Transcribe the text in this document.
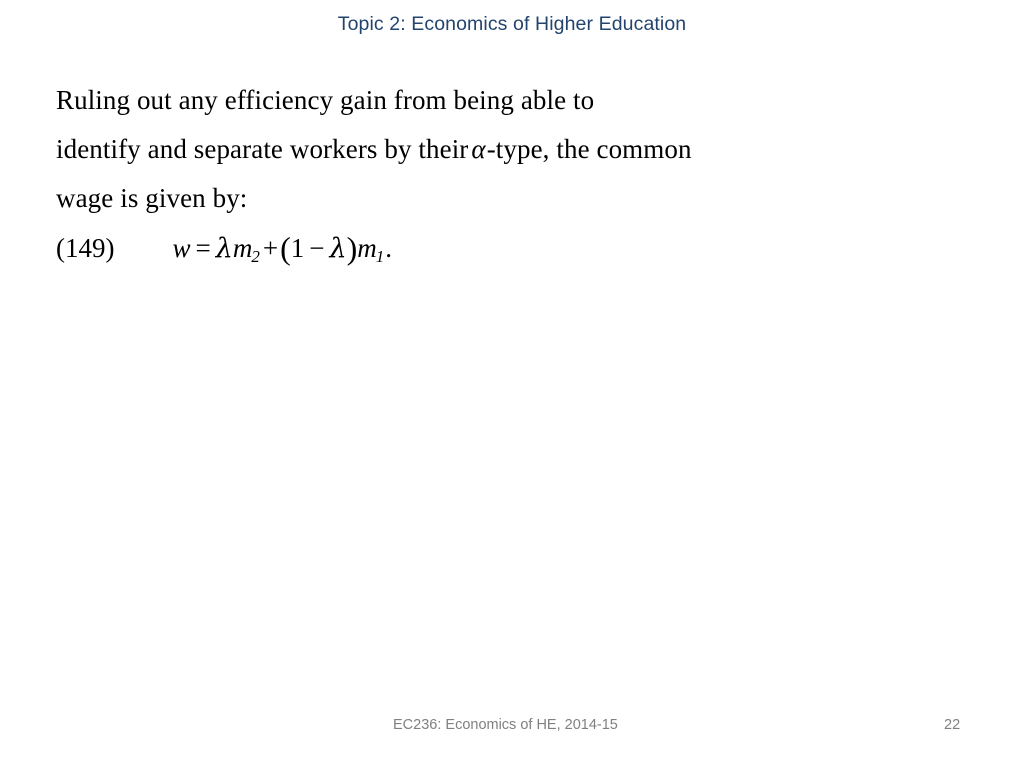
Topic 2: Economics of Higher Education
Ruling out any efficiency gain from being able to
identify and separate workers by their α-type, the common
wage is given by:
(149) w = λ m 2 + ( 1 − λ ) m 1 .
EC236: Economics of HE, 2014-15	22
